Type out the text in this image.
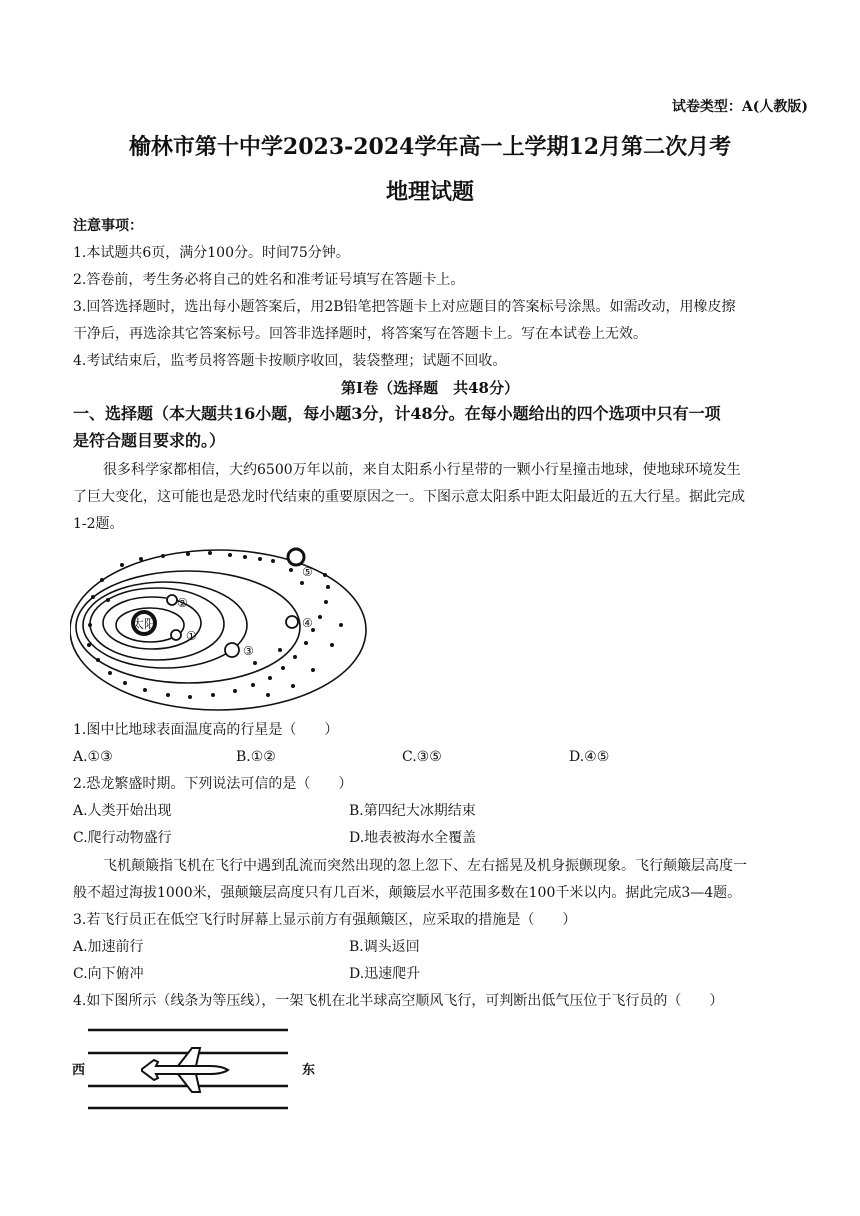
试卷类型：A(人教版)
榆林市第十中学2023-2024学年高一上学期12月第二次月考
地理试题
注意事项：
1.本试题共6页，满分100分。时间75分钟。
2.答卷前，考生务必将自己的姓名和准考证号填写在答题卡上。
3.回答选择题时，选出每小题答案后，用2B铅笔把答题卡上对应题目的答案标号涂黑。如需改动，用橡皮擦
干净后，再选涂其它答案标号。回答非选择题时，将答案写在答题卡上。写在本试卷上无效。
4.考试结束后，监考员将答题卡按顺序收回，装袋整理；试题不回收。
第Ⅰ卷（选择题　共48分）
一、选择题（本大题共16小题，每小题3分，计48分。在每小题给出的四个选项中只有一项
是符合题目要求的。）
很多科学家都相信，大约6500万年以前，来自太阳系小行星带的一颗小行星撞击地球，使地球环境发生
了巨大变化，这可能也是恐龙时代结束的重要原因之一。下图示意太阳系中距太阳最近的五大行星。据此完成
1-2题。
太阳
①
②
③
④
⑤
1.图中比地球表面温度高的行星是（　　）
A.①③	B.①②	C.③⑤	D.④⑤
2.恐龙繁盛时期。下列说法可信的是（　　）
A.人类开始出现	B.第四纪大冰期结束
C.爬行动物盛行	D.地表被海水全覆盖
飞机颠簸指飞机在飞行中遇到乱流而突然出现的忽上忽下、左右摇晃及机身振颤现象。飞行颠簸层高度一
般不超过海拔1000米，强颠簸层高度只有几百米，颠簸层水平范围多数在100千米以内。据此完成3—4题。
3.若飞行员正在低空飞行时屏幕上显示前方有强颠簸区，应采取的措施是（　　）
A.加速前行	B.调头返回
C.向下俯冲	D.迅速爬升
4.如下图所示（线条为等压线），一架飞机在北半球高空顺风飞行，可判断出低气压位于飞行员的（　　）
西	东
